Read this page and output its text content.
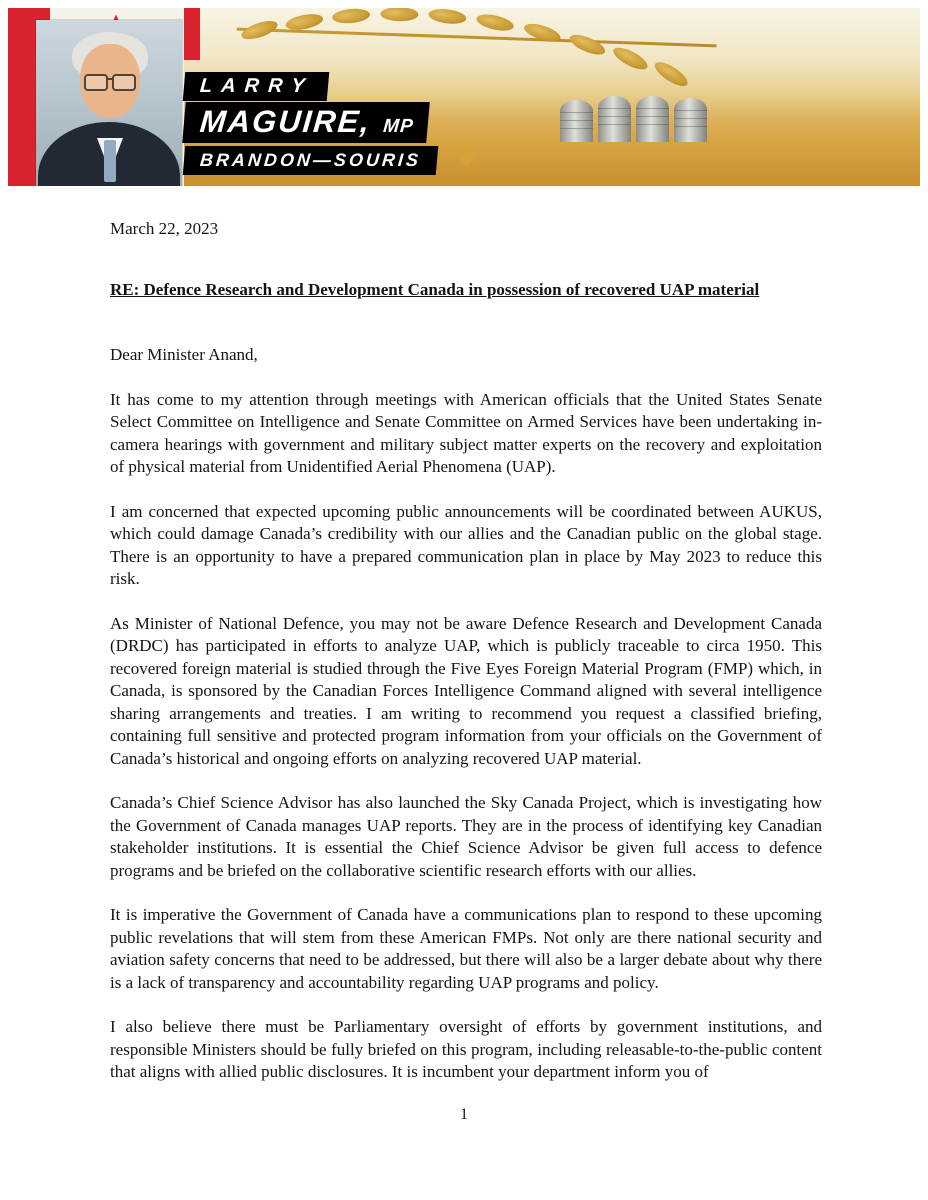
LARRY
MAGUIRE, MP
BRANDON—SOURIS
March 22, 2023
RE: Defence Research and Development Canada in possession of recovered UAP material
Dear Minister Anand,

It has come to my attention through meetings with American officials that the United States Senate Select Committee on Intelligence and Senate Committee on Armed Services have been undertaking in-camera hearings with government and military subject matter experts on the recovery and exploitation of physical material from Unidentified Aerial Phenomena (UAP).

I am concerned that expected upcoming public announcements will be coordinated between AUKUS, which could damage Canada’s credibility with our allies and the Canadian public on the global stage. There is an opportunity to have a prepared communication plan in place by May 2023 to reduce this risk.

As Minister of National Defence, you may not be aware Defence Research and Development Canada (DRDC) has participated in efforts to analyze UAP, which is publicly traceable to circa 1950. This recovered foreign material is studied through the Five Eyes Foreign Material Program (FMP) which, in Canada, is sponsored by the Canadian Forces Intelligence Command aligned with several intelligence sharing arrangements and treaties. I am writing to recommend you request a classified briefing, containing full sensitive and protected program information from your officials on the Government of Canada’s historical and ongoing efforts on analyzing recovered UAP material.

Canada’s Chief Science Advisor has also launched the Sky Canada Project, which is investigating how the Government of Canada manages UAP reports. They are in the process of identifying key Canadian stakeholder institutions. It is essential the Chief Science Advisor be given full access to defence programs and be briefed on the collaborative scientific research efforts with our allies.

It is imperative the Government of Canada have a communications plan to respond to these upcoming public revelations that will stem from these American FMPs. Not only are there national security and aviation safety concerns that need to be addressed, but there will also be a larger debate about why there is a lack of transparency and accountability regarding UAP programs and policy.

I also believe there must be Parliamentary oversight of efforts by government institutions, and responsible Ministers should be fully briefed on this program, including releasable-to-the-public content that aligns with allied public disclosures. It is incumbent your department inform you of

1
